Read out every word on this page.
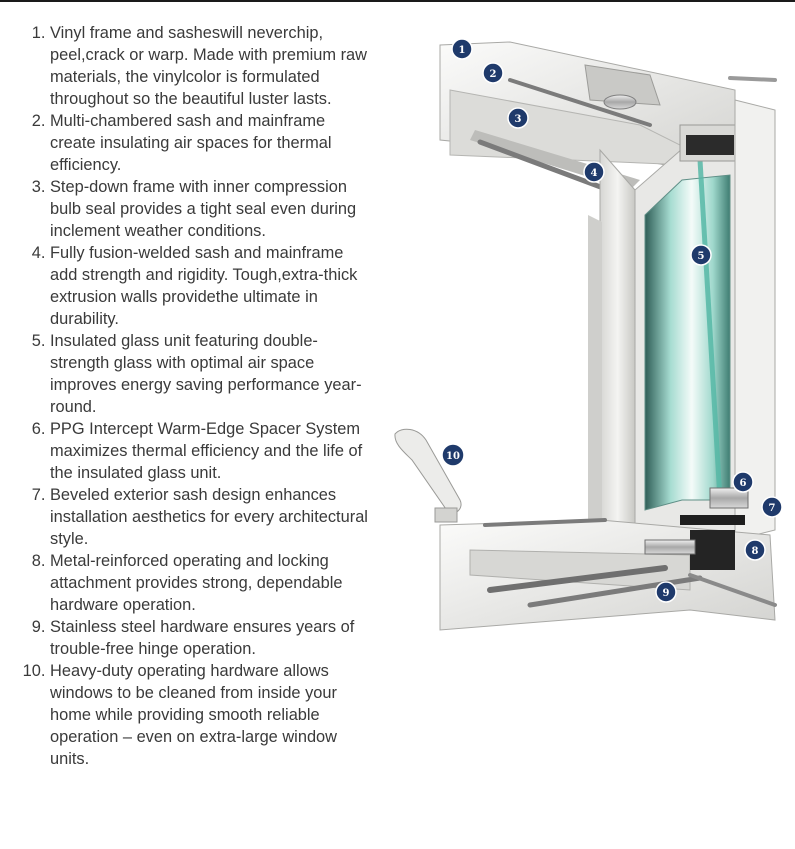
1. Vinyl frame and sasheswill neverchip, peel,crack or warp. Made with premium raw materials, the vinylcolor is formulated throughout so the beautiful luster lasts.
2. Multi-chambered sash and mainframe create insulating air spaces for thermal efficiency.
3. Step-down frame with inner compression bulb seal provides a tight seal even during inclement weather conditions.
4. Fully fusion-welded sash and mainframe add strength and rigidity. Tough,extra-thick extrusion walls providethe ultimate in durability.
5. Insulated glass unit featuring double-strength glass with optimal air space improves energy saving performance year-round.
6. PPG Intercept Warm-Edge Spacer System maximizes thermal efficiency and the life of the insulated glass unit.
7. Beveled exterior sash design enhances installation aesthetics for every architectural style.
8. Metal-reinforced operating and locking attachment provides strong, dependable hardware operation.
9. Stainless steel hardware ensures years of trouble-free hinge operation.
10. Heavy-duty operating hardware allows windows to be cleaned from inside your home while providing smooth reliable operation – even on extra-large window units.
1
2
3
4
5
6
7
8
9
10
